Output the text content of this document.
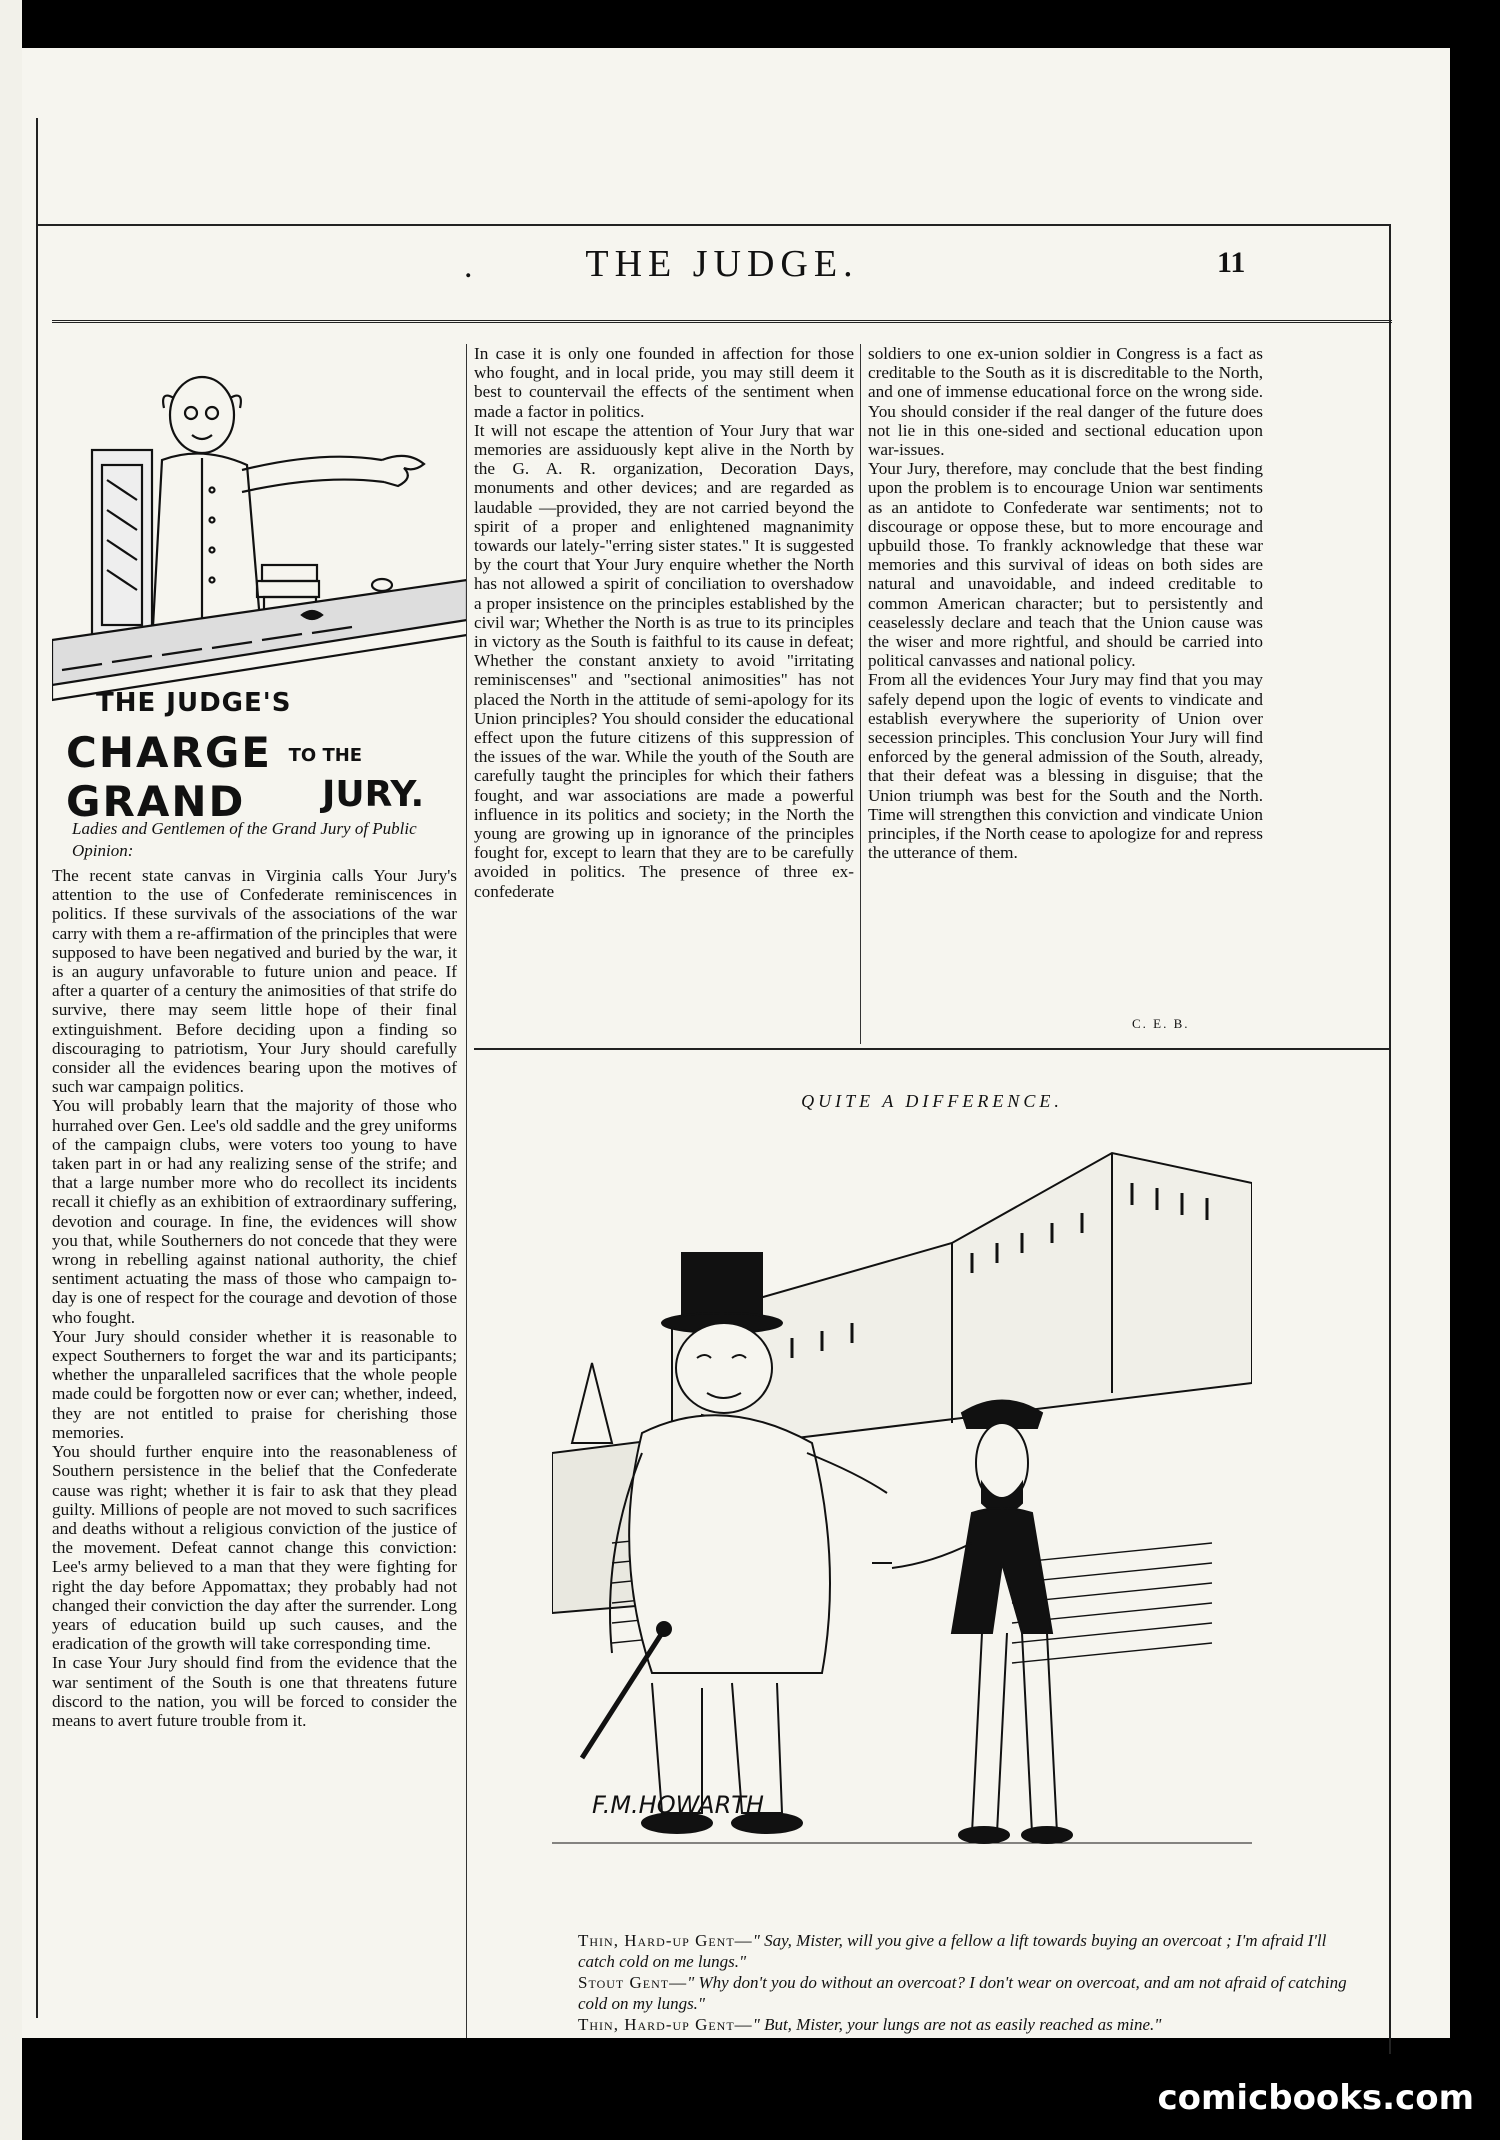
.	THE JUDGE.	11
THE JUDGE'S
CHARGE TO THE GRAND	JURY.
Ladies and Gentlemen of the Grand Jury of Public Opinion:
The recent state canvas in Virginia calls Your Jury's attention to the use of Confederate reminiscences in politics. If these survivals of the associations of the war carry with them a re-affirmation of the principles that were supposed to have been negatived and buried by the war, it is an augury unfavorable to future union and peace. If after a quarter of a century the animosities of that strife do survive, there may seem little hope of their final extinguishment. Before deciding upon a finding so discouraging to patriotism, Your Jury should carefully consider all the evidences bearing upon the motives of such war campaign politics.
You will probably learn that the majority of those who hurrahed over Gen. Lee's old saddle and the grey uniforms of the campaign clubs, were voters too young to have taken part in or had any realizing sense of the strife; and that a large number more who do recollect its incidents recall it chiefly as an exhibition of extraordinary suffering, devotion and courage. In fine, the evidences will show you that, while Southerners do not concede that they were wrong in rebelling against national authority, the chief sentiment actuating the mass of those who campaign to-day is one of respect for the courage and devotion of those who fought.
Your Jury should consider whether it is reasonable to expect Southerners to forget the war and its participants; whether the unparalleled sacrifices that the whole people made could be forgotten now or ever can; whether, indeed, they are not entitled to praise for cherishing those memories.
You should further enquire into the reasonableness of Southern persistence in the belief that the Confederate cause was right; whether it is fair to ask that they plead guilty. Millions of people are not moved to such sacrifices and deaths without a religious conviction of the justice of the movement. Defeat cannot change this conviction: Lee's army believed to a man that they were fighting for right the day before Appomattax; they probably had not changed their conviction the day after the surrender. Long years of education build up such causes, and the eradication of the growth will take corresponding time.
In case Your Jury should find from the evidence that the war sentiment of the South is one that threatens future discord to the nation, you will be forced to consider the means to avert future trouble from it.
In case it is only one founded in affection for those who fought, and in local pride, you may still deem it best to countervail the effects of the sentiment when made a factor in politics.
It will not escape the attention of Your Jury that war memories are assiduously kept alive in the North by the G. A. R. organization, Decoration Days, monuments and other devices; and are regarded as laudable —provided, they are not carried beyond the spirit of a proper and enlightened magnanimity towards our lately-"erring sister states." It is suggested by the court that Your Jury enquire whether the North has not allowed a spirit of conciliation to overshadow a proper insistence on the principles established by the civil war; Whether the North is as true to its principles in victory as the South is faithful to its cause in defeat; Whether the constant anxiety to avoid "irritating reminiscenses" and "sectional animosities" has not placed the North in the attitude of semi-apology for its Union principles? You should consider the educational effect upon the future citizens of this suppression of the issues of the war. While the youth of the South are carefully taught the principles for which their fathers fought, and war associations are made a powerful influence in its politics and society; in the North the young are growing up in ignorance of the principles fought for, except to learn that they are to be carefully avoided in politics. The presence of three ex-confederate
soldiers to one ex-union soldier in Congress is a fact as creditable to the South as it is discreditable to the North, and one of immense educational force on the wrong side. You should consider if the real danger of the future does not lie in this one-sided and sectional education upon war-issues.
Your Jury, therefore, may conclude that the best finding upon the problem is to encourage Union war sentiments as an antidote to Confederate war sentiments; not to discourage or oppose these, but to more encourage and upbuild those. To frankly acknowledge that these war memories and this survival of ideas on both sides are natural and unavoidable, and indeed creditable to common American character; but to persistently and ceaselessly declare and teach that the Union cause was the wiser and more rightful, and should be carried into political canvasses and national policy.
From all the evidences Your Jury may find that you may safely depend upon the logic of events to vindicate and establish everywhere the superiority of Union over secession principles. This conclusion Your Jury will find enforced by the general admission of the South, already, that their defeat was a blessing in disguise; that the Union triumph was best for the South and the North. Time will strengthen this conviction and vindicate Union principles, if the North cease to apologize for and repress the utterance of them.
C. E. B.
QUITE A DIFFERENCE.
F.M.HOWARTH

Thin, Hard-up Gent—" Say, Mister, will you give a fellow a lift towards buying an overcoat ; I'm afraid I'll catch cold on me lungs."

Stout Gent—" Why don't you do without an overcoat? I don't wear on overcoat, and am not afraid of catching cold on my lungs."

Thin, Hard-up Gent—" But, Mister, your lungs are not as easily reached as mine."

comicbooks.com
